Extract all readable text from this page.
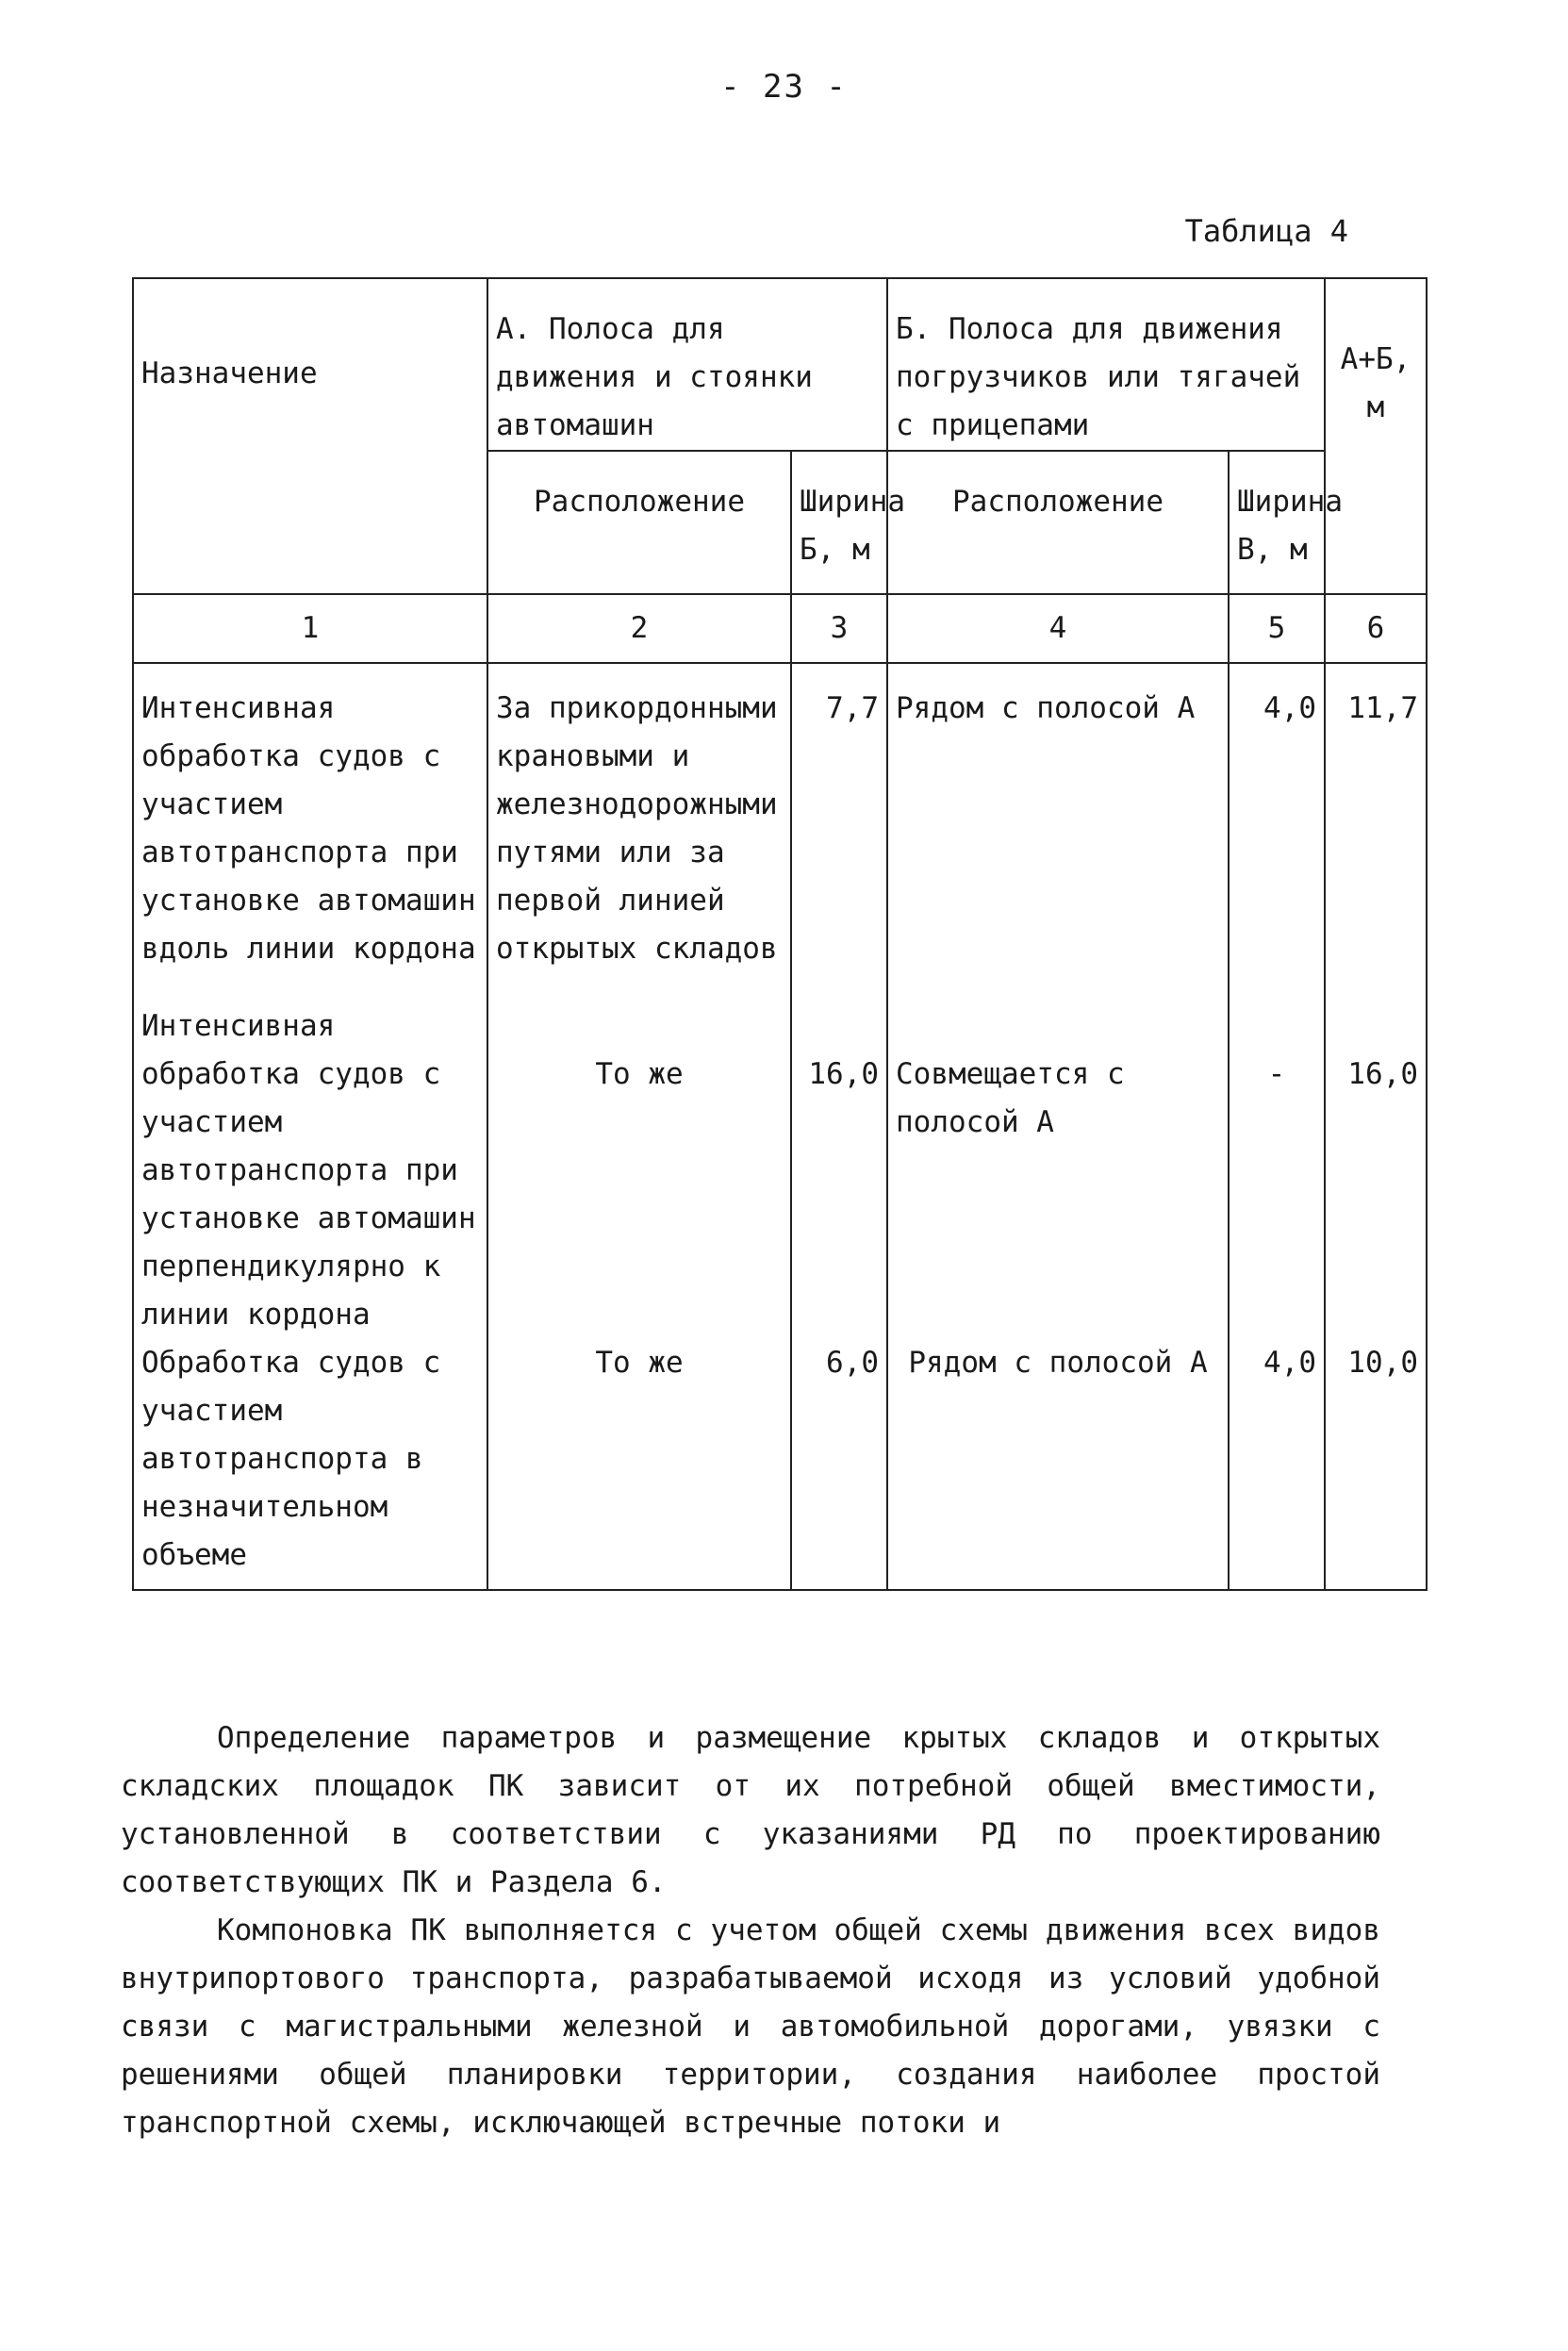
- 23 -
Таблица 4
Назначение	А. Полоса для движения и стоянки автомашин		Б. Полоса для движения погрузчиков или тягачей с прицепами		А+Б, м
	Расположение	Ширина Б, м	Расположение	Ширина В, м	
1	2	3	4	5	6
Интенсивная обработка судов с участием автотранспорта при установке автомашин вдоль линии кордона	За прикордонными крановыми и железнодорожными путями или за первой линией открытых складов	7,7	Рядом с полосой А	4,0	11,7
Интенсивная обработка судов с участием автотранспорта при установке автомашин перпендикулярно к линии кордона	То же	16,0	Совмещается с полосой А	-	16,0
Обработка судов с участием автотранспорта в незначительном объеме	То же	6,0	Рядом с полосой А	4,0	10,0

Определение параметров и размещение крытых складов и открытых складских площадок ПК зависит от их потребной общей вместимости, установленной в соответствии с указаниями РД по проектированию соответствующих ПК и Раздела 6.

Компоновка ПК выполняется с учетом общей схемы движения всех видов внутрипортового транспорта, разрабатываемой исходя из условий удобной связи с магистральными железной и автомобильной дорогами, увязки с решениями общей планировки территории, создания наиболее простой транспортной схемы, исключающей встречные потоки и
